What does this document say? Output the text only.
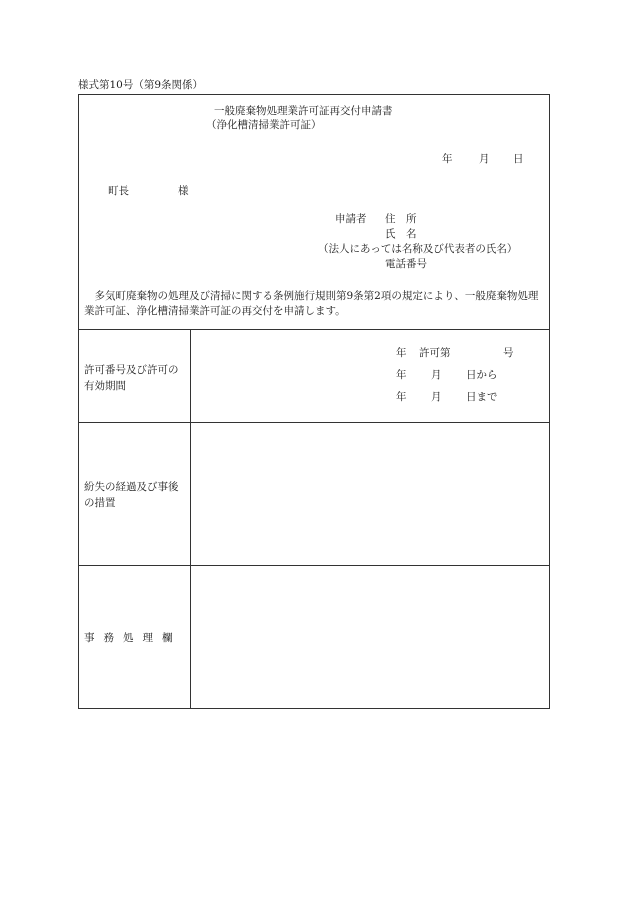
様式第10号（第9条関係）
一般廃棄物処理業許可証再交付申請書
（浄化槽清掃業許可証）
年	月 日
町長	様
申請者 住　所
氏　名
（法人にあっては名称及び代表者の氏名）
電話番号
　多気町廃棄物の処理及び清掃に関する条例施行規則第9条第2項の規定により、一般廃棄物処理業許可証、浄化槽清掃業許可証の再交付を申請します。
許可番号及び許可の有効期間
年 許可第	号
年 月 日から
年 月 日まで
紛失の経過及び事後の措置
事務処理欄
